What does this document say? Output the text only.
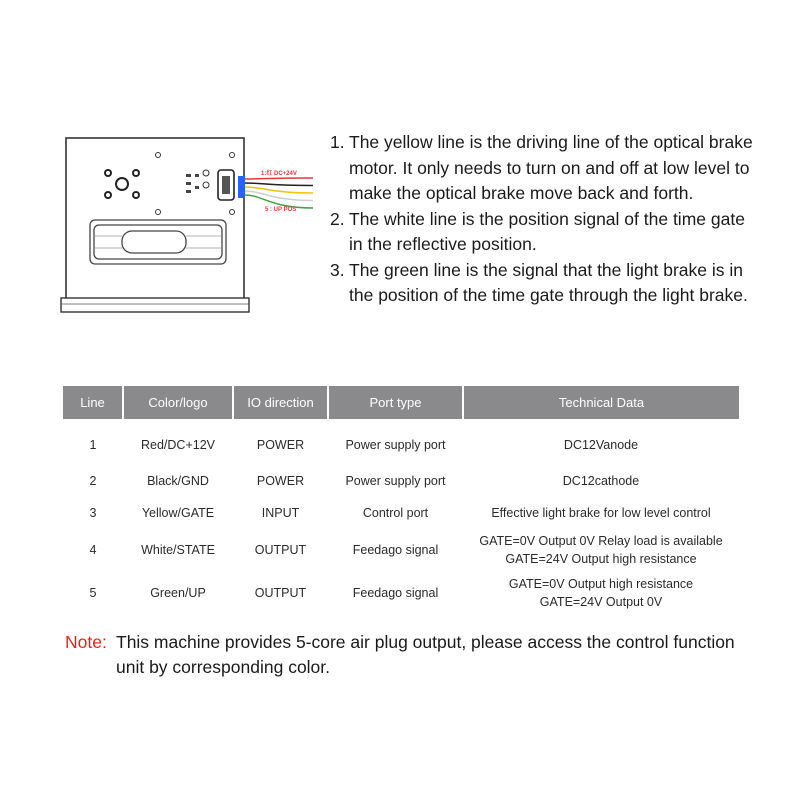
1:红 DC+24V
5 : UP POS
1. The yellow line is the driving line of the optical brake motor. It only needs to turn on and off at low level to make the optical brake move back and forth.
2. The white line is the position signal of the time gate in the reflective position.
3. The green line is the signal that the light brake is in the position of the time gate through the light brake.
Line	Color/logo	IO direction	Port type	Technical Data
1	Red/DC+12V	POWER	Power supply port	DC12Vanode

2	Black/GND	POWER	Power supply port	DC12cathode

3	Yellow/GATE	INPUT	Control port	Effective light brake for low level control

4	White/STATE	OUTPUT	Feedago signal	GATE=0V Output 0V Relay load is available
GATE=24V Output high resistance

5	Green/UP	OUTPUT	Feedago signal	GATE=0V Output high resistance
GATE=24V Output 0V
Note: This machine provides 5-core air plug output, please access the control function unit by corresponding color.
